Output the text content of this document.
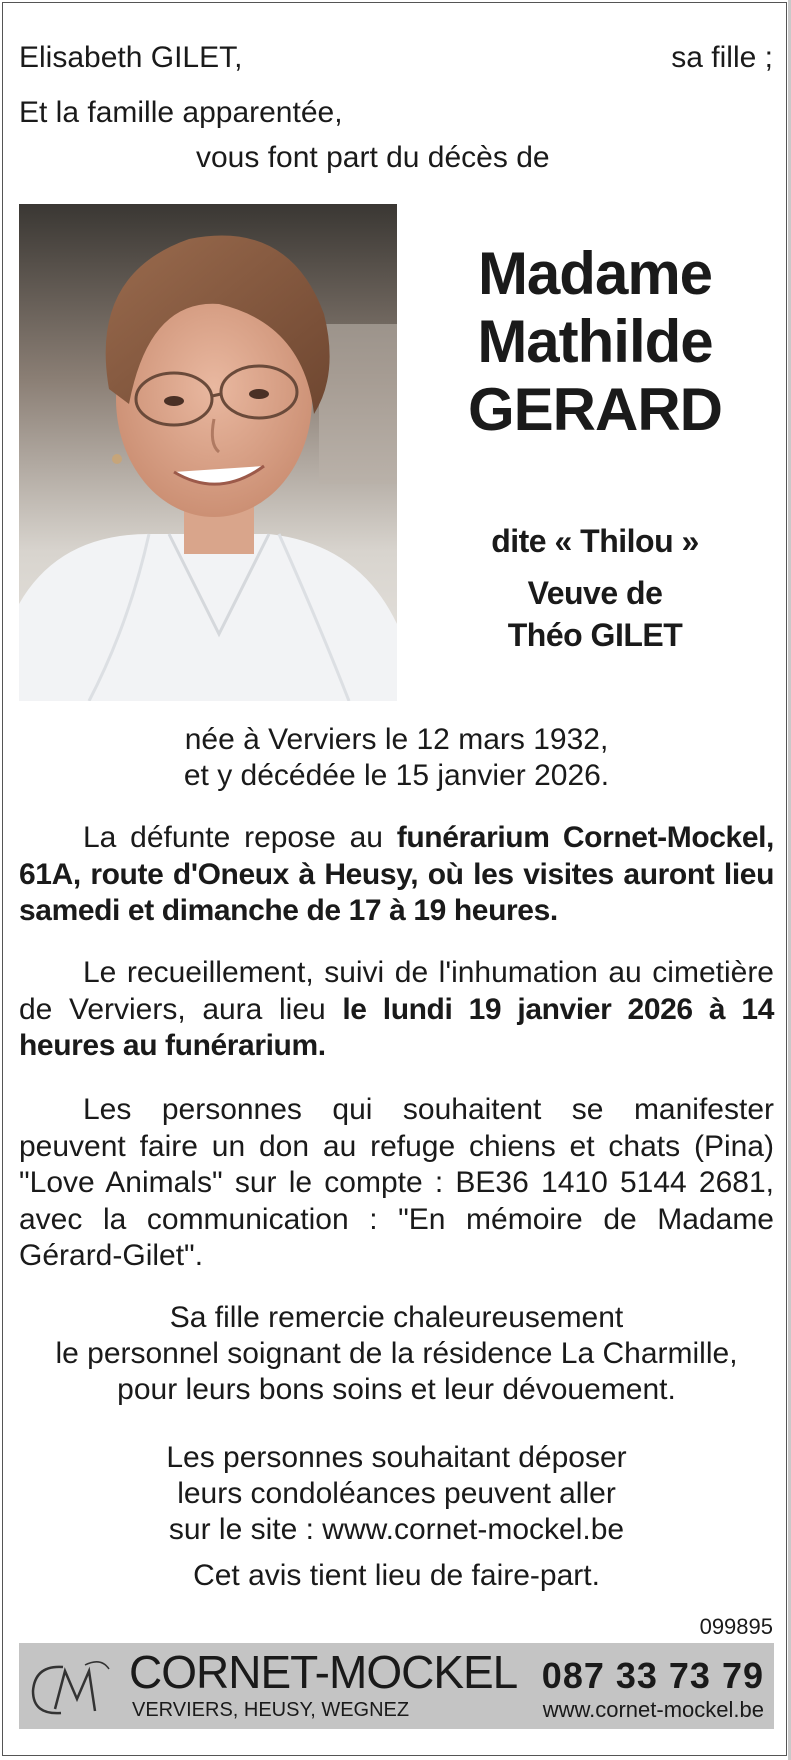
Elisabeth GILET,	sa fille ;
Et la famille apparentée,
vous font part du décès de
Madame
Mathilde
GERARD
dite « Thilou »
Veuve de
Théo GILET
née à Verviers le 12 mars 1932,
et y décédée le 15 janvier 2026.
La défunte repose au funérarium Cornet-Mockel, 61A, route d'Oneux à Heusy, où les visites auront lieu samedi et dimanche de 17 à 19 heures.
Le recueillement, suivi de l'inhumation au cimetière de Verviers, aura lieu le lundi 19 janvier 2026 à 14 heures au funérarium.
Les personnes qui souhaitent se manifester peuvent faire un don au refuge chiens et chats (Pina) "Love Animals" sur le compte : BE36 1410 5144 2681, avec la communication : "En mémoire de Madame Gérard-Gilet".
Sa fille remercie chaleureusement
le personnel soignant de la résidence La Charmille,
pour leurs bons soins et leur dévouement.
Les personnes souhaitant déposer
leurs condoléances peuvent aller
sur le site : www.cornet-mockel.be
Cet avis tient lieu de faire-part.
099895
CORNET-MOCKEL 087 33 73 79
VERVIERS, HEUSY, WEGNEZ	www.cornet-mockel.be
